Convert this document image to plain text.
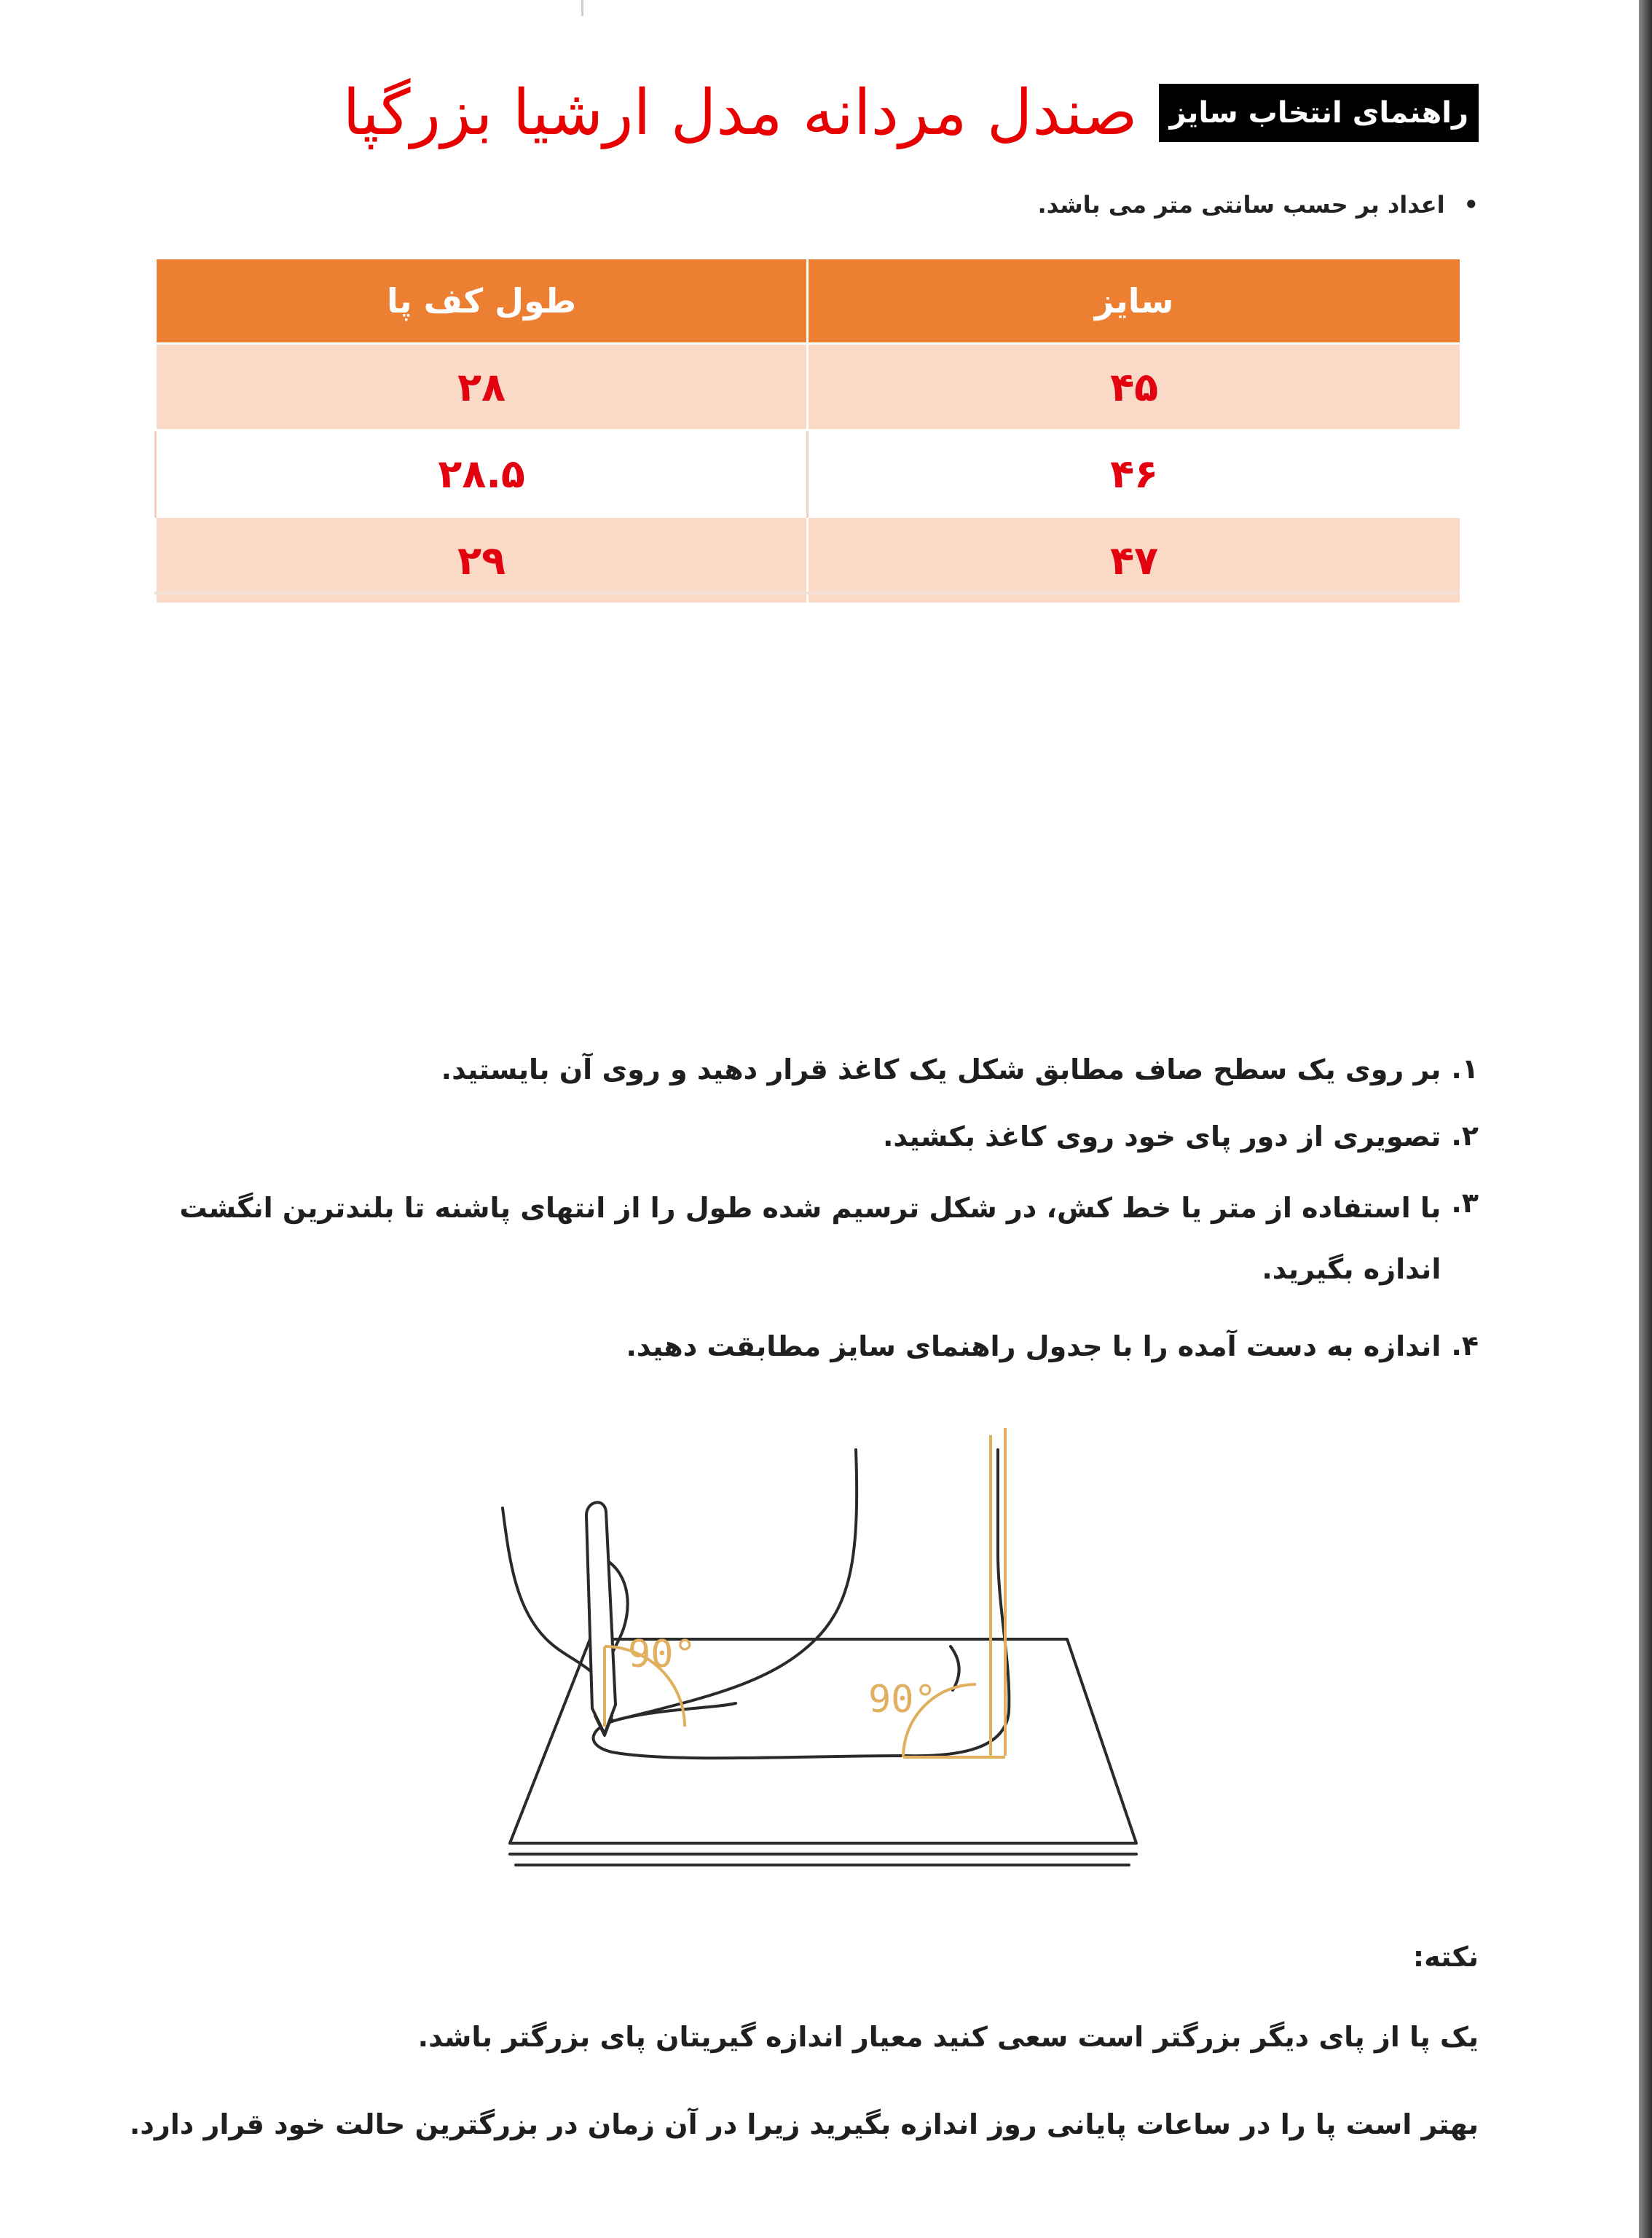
راهنمای انتخاب سایز
صندل مردانه مدل ارشیا بزرگپا
• اعداد بر حسب سانتی متر می باشد.
سایز	طول کف پا
۴۵	۲۸
۴۶	۲۸.۵
۴۷	۲۹
۱.
بر روی یک سطح صاف مطابق شکل یک کاغذ قرار دهید و روی آن بایستید.
۲.
تصویری از دور پای خود روی کاغذ بکشید.
۳.
با استفاده از متر یا خط کش، در شکل ترسیم شده طول را از انتهای پاشنه تا بلندترین انگشت اندازه بگیرید.
۴.
اندازه به دست آمده را با جدول راهنمای سایز مطابقت دهید.
90°
90°
نکته:
یک پا از پای دیگر بزرگتر است سعی کنید معیار اندازه گیریتان پای بزرگتر باشد.
بهتر است پا را در ساعات پایانی روز اندازه بگیرید زیرا در آن زمان در بزرگترین حالت خود قرار دارد.
